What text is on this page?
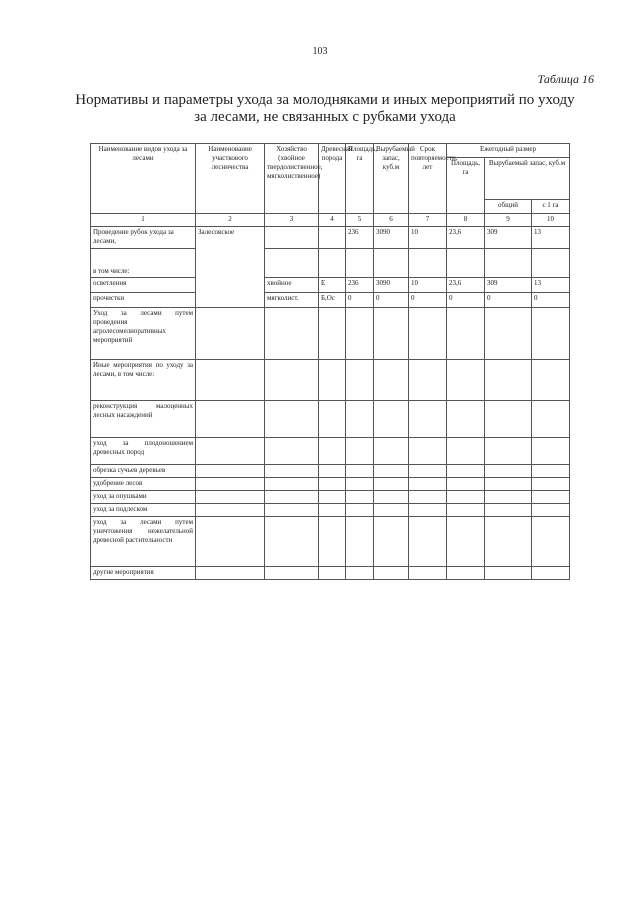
103
Таблица 16
Нормативы и параметры ухода за молодняками и иных мероприятий по уходу за лесами, не связанных с рубками ухода
Наименование видов ухода за лесами	Наименование участкового лесничества	Хозяйство (хвойное твердолиственное, мягколиственное)	Древесная порода	Площадь, га	Вырубаемый запас, куб.м	Срок повторяемости, лет	Ежегодный размер		
							Площадь, га	Вырубаемый запас, куб.м	
								общий	с 1 га
1	2	3	4	5	6	7	8	9	10
Проведение рубок ухода за лесами,	Залесовское			236	3090	10	23,6	309	13
в том числе:									
осветления		хвойное	Е	236	3090	10	23,6	309	13
прочистки		мягколист.	Б,Ос	0	0	0	0	0	0
Уход за лесами путем проведения агролесомелиоративных мероприятий									
Иные мероприятия по уходу за лесами, в том числе:									
реконструкция малоценных лесных насаждений									
уход за плодоношением древесных пород									
обрезка сучьев деревьев									
удобрение лесов									
уход за опушками									
уход за подлеском									
уход за лесами путем уничтожения нежелательной древесной растительности									
другие мероприятия									
